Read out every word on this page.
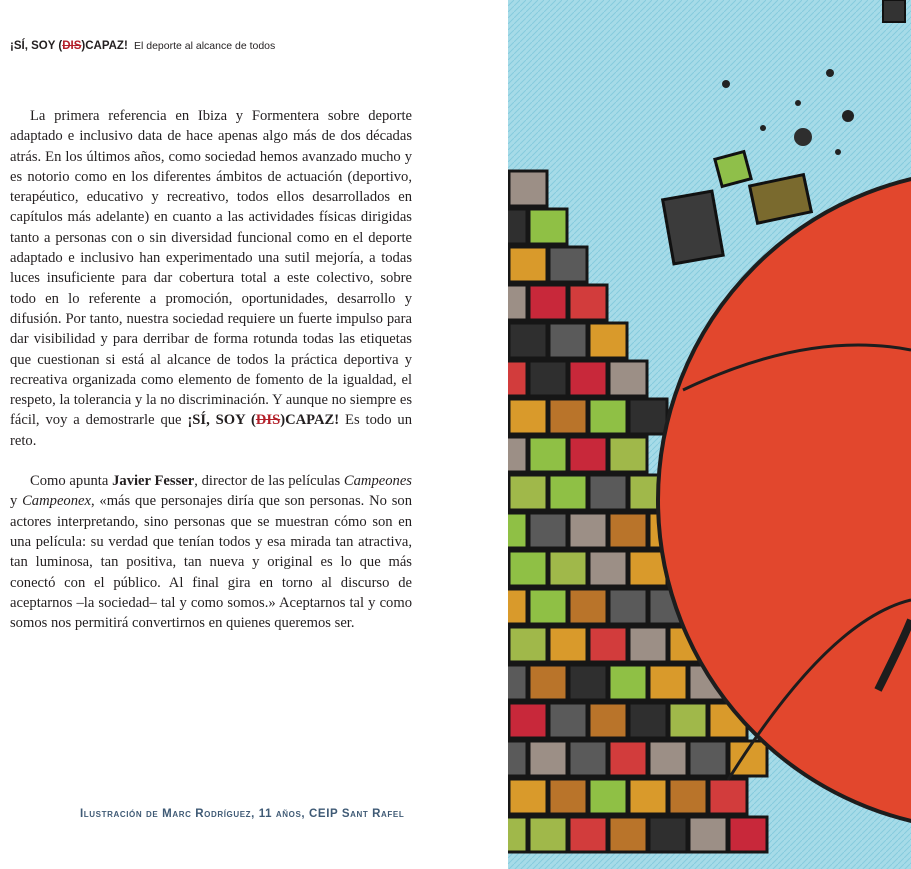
¡SÍ, SOY (DIS)CAPAZ! El deporte al alcance de todos

La primera referencia en Ibiza y Formentera sobre deporte adaptado e inclusivo data de hace apenas algo más de dos décadas atrás. En los últimos años, como sociedad hemos avanzado mucho y es notorio como en los diferentes ámbitos de actuación (deportivo, terapéutico, educativo y recreativo, todos ellos desarrollados en capítulos más adelante) en cuanto a las actividades físicas dirigidas tanto a personas con o sin diversidad funcional como en el deporte adaptado e inclusivo han experimentado una sutil mejoría, a todas luces insuficiente para dar cobertura total a este colectivo, sobre todo en lo referente a promoción, oportunidades, desarrollo y difusión. Por tanto, nuestra sociedad requiere un fuerte impulso para dar visibilidad y para derribar de forma rotunda todas las etiquetas que cuestionan si está al alcance de todos la práctica deportiva y recreativa organizada como elemento de fomento de la igualdad, el respeto, la tolerancia y la no discriminación. Y aunque no siempre es fácil, voy a demostrarle que ¡SÍ, SOY (DIS)CAPAZ! Es todo un reto.

Como apunta Javier Fesser, director de las películas Campeones y Campeonex, «más que personajes diría que son personas. No son actores interpretando, sino personas que se muestran cómo son en una película: su verdad que tenían todos y esa mirada tan atractiva, tan luminosa, tan positiva, tan nueva y original es lo que más conectó con el público. Al final gira en torno al discurso de aceptarnos –la sociedad– tal y como somos.» Aceptarnos tal y como somos nos permitirá convertirnos en quienes queremos ser.

Ilustración de Marc Rodríguez, 11 años, CEIP Sant Rafel
